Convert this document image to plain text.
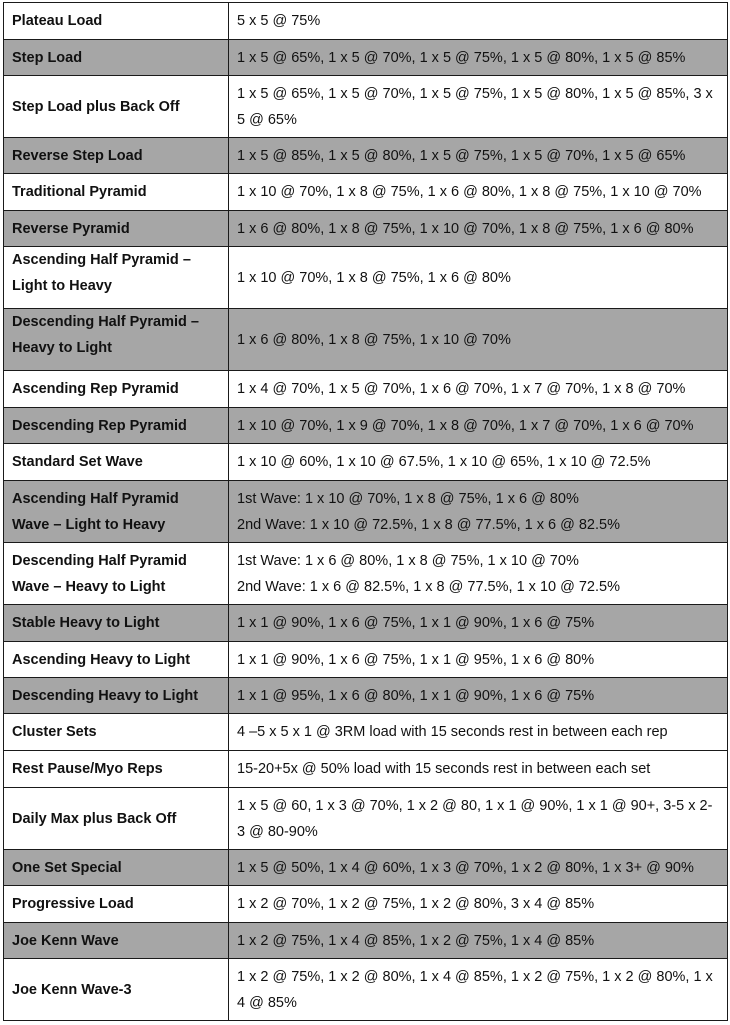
Plateau Load	5 x 5 @ 75%
Step Load	1 x 5 @ 65%, 1 x 5 @ 70%, 1 x 5 @ 75%, 1 x 5 @ 80%, 1 x 5 @ 85%
Step Load plus Back Off	1 x 5 @ 65%, 1 x 5 @ 70%, 1 x 5 @ 75%, 1 x 5 @ 80%, 1 x 5 @ 85%, 3 x 5 @ 65%
Reverse Step Load	1 x 5 @ 85%, 1 x 5 @ 80%, 1 x 5 @ 75%, 1 x 5 @ 70%, 1 x 5 @ 65%
Traditional Pyramid	1 x 10 @ 70%, 1 x 8 @ 75%, 1 x 6 @ 80%, 1 x 8 @ 75%, 1 x 10 @ 70%
Reverse Pyramid	1 x 6 @ 80%, 1 x 8 @ 75%, 1 x 10 @ 70%, 1 x 8 @ 75%, 1 x 6 @ 80%
Ascending Half Pyramid – Light to Heavy	1 x 10 @ 70%, 1 x 8 @ 75%, 1 x 6 @ 80%
Descending Half Pyramid – Heavy to Light	1 x 6 @ 80%, 1 x 8 @ 75%, 1 x 10 @ 70%
Ascending Rep Pyramid	1 x 4 @ 70%, 1 x 5 @ 70%, 1 x 6 @ 70%, 1 x 7 @ 70%, 1 x 8 @ 70%
Descending Rep Pyramid	1 x 10 @ 70%, 1 x 9 @ 70%, 1 x 8 @ 70%, 1 x 7 @ 70%, 1 x 6 @ 70%
Standard Set Wave	1 x 10 @ 60%, 1 x 10 @ 67.5%, 1 x 10 @ 65%, 1 x 10 @ 72.5%
Ascending Half Pyramid Wave – Light to Heavy	1st Wave: 1 x 10 @ 70%, 1 x 8 @ 75%, 1 x 6 @ 80%
2nd Wave: 1 x 10 @ 72.5%, 1 x 8 @ 77.5%, 1 x 6 @ 82.5%

Descending Half Pyramid Wave – Heavy to Light	1st Wave: 1 x 6 @ 80%, 1 x 8 @ 75%, 1 x 10 @ 70%
2nd Wave: 1 x 6 @ 82.5%, 1 x 8 @ 77.5%, 1 x 10 @ 72.5%

Stable Heavy to Light	1 x 1 @ 90%, 1 x 6 @ 75%, 1 x 1 @ 90%, 1 x 6 @ 75%
Ascending Heavy to Light	1 x 1 @ 90%, 1 x 6 @ 75%, 1 x 1 @ 95%, 1 x 6 @ 80%
Descending Heavy to Light	1 x 1 @ 95%, 1 x 6 @ 80%, 1 x 1 @ 90%, 1 x 6 @ 75%
Cluster Sets	4 –5 x 5 x 1 @ 3RM load with 15 seconds rest in between each rep
Rest Pause/Myo Reps	15-20+5x @ 50% load with 15 seconds rest in between each set
Daily Max plus Back Off	1 x 5 @ 60, 1 x 3 @ 70%, 1 x 2 @ 80, 1 x 1 @ 90%, 1 x 1 @ 90+, 3-5 x 2-3 @ 80-90%
One Set Special	1 x 5 @ 50%, 1 x 4 @ 60%, 1 x 3 @ 70%, 1 x 2 @ 80%, 1 x 3+ @ 90%
Progressive Load	1 x 2 @ 70%, 1 x 2 @ 75%, 1 x 2 @ 80%, 3 x 4 @ 85%
Joe Kenn Wave	1 x 2 @ 75%, 1 x 4 @ 85%, 1 x 2 @ 75%, 1 x 4 @ 85%
Joe Kenn Wave-3	1 x 2 @ 75%, 1 x 2 @ 80%, 1 x 4 @ 85%, 1 x 2 @ 75%, 1 x 2 @ 80%, 1 x 4 @ 85%
